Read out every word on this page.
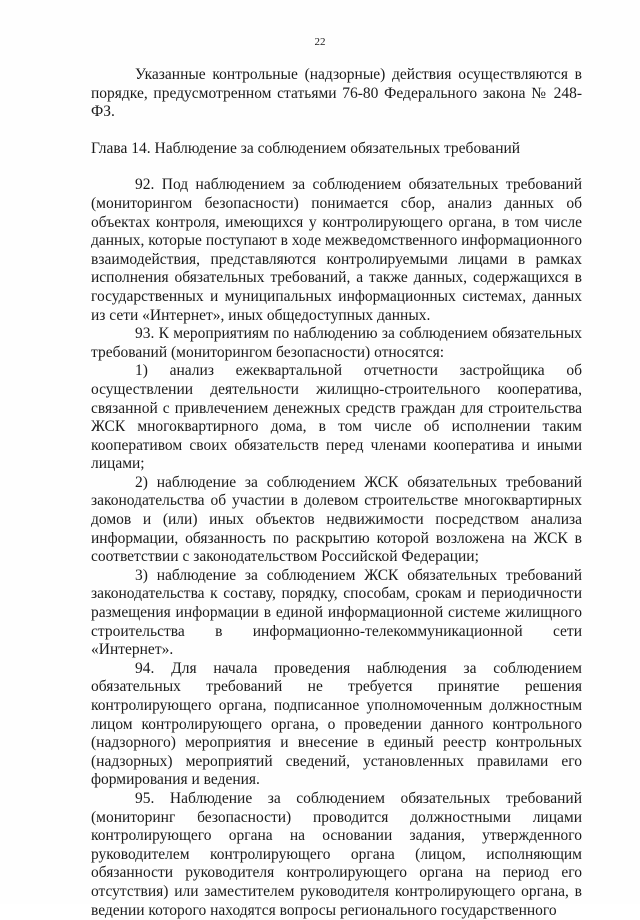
22

Указанные контрольные (надзорные) действия осуществляются в порядке, предусмотренном статьями 76-80 Федерального закона № 248-ФЗ.

Глава 14. Наблюдение за соблюдением обязательных требований

92. Под наблюдением за соблюдением обязательных требований (мониторингом безопасности) понимается сбор, анализ данных об объектах контроля, имеющихся у контролирующего органа, в том числе данных, которые поступают в ходе межведомственного информационного взаимодействия, представляются контролируемыми лицами в рамках исполнения обязательных требований, а также данных, содержащихся в государственных и муниципальных информационных системах, данных из сети «Интернет», иных общедоступных данных.

93. К мероприятиям по наблюдению за соблюдением обязательных требований (мониторингом безопасности) относятся:

1) анализ ежеквартальной отчетности застройщика об осуществлении деятельности жилищно-строительного кооператива, связанной с привлечением денежных средств граждан для строительства ЖСК многоквартирного дома, в том числе об исполнении таким кооперативом своих обязательств перед членами кооператива и иными лицами;

2) наблюдение за соблюдением ЖСК обязательных требований законодательства об участии в долевом строительстве многоквартирных домов и (или) иных объектов недвижимости посредством анализа информации, обязанность по раскрытию которой возложена на ЖСК в соответствии с законодательством Российской Федерации;

3) наблюдение за соблюдением ЖСК обязательных требований законодательства к составу, порядку, способам, срокам и периодичности размещения информации в единой информационной системе жилищного строительства в информационно-телекоммуникационной сети «Интернет».

94. Для начала проведения наблюдения за соблюдением обязательных требований не требуется принятие решения контролирующего органа, подписанное уполномоченным должностным лицом контролирующего органа, о проведении данного контрольного (надзорного) мероприятия и внесение в единый реестр контрольных (надзорных) мероприятий сведений, установленных правилами его формирования и ведения.

95. Наблюдение за соблюдением обязательных требований (мониторинг безопасности) проводится должностными лицами контролирующего органа на основании задания, утвержденного руководителем контролирующего органа (лицом, исполняющим обязанности руководителя контролирующего органа на период его отсутствия) или заместителем руководителя контролирующего органа, в ведении которого находятся вопросы регионального государственного
